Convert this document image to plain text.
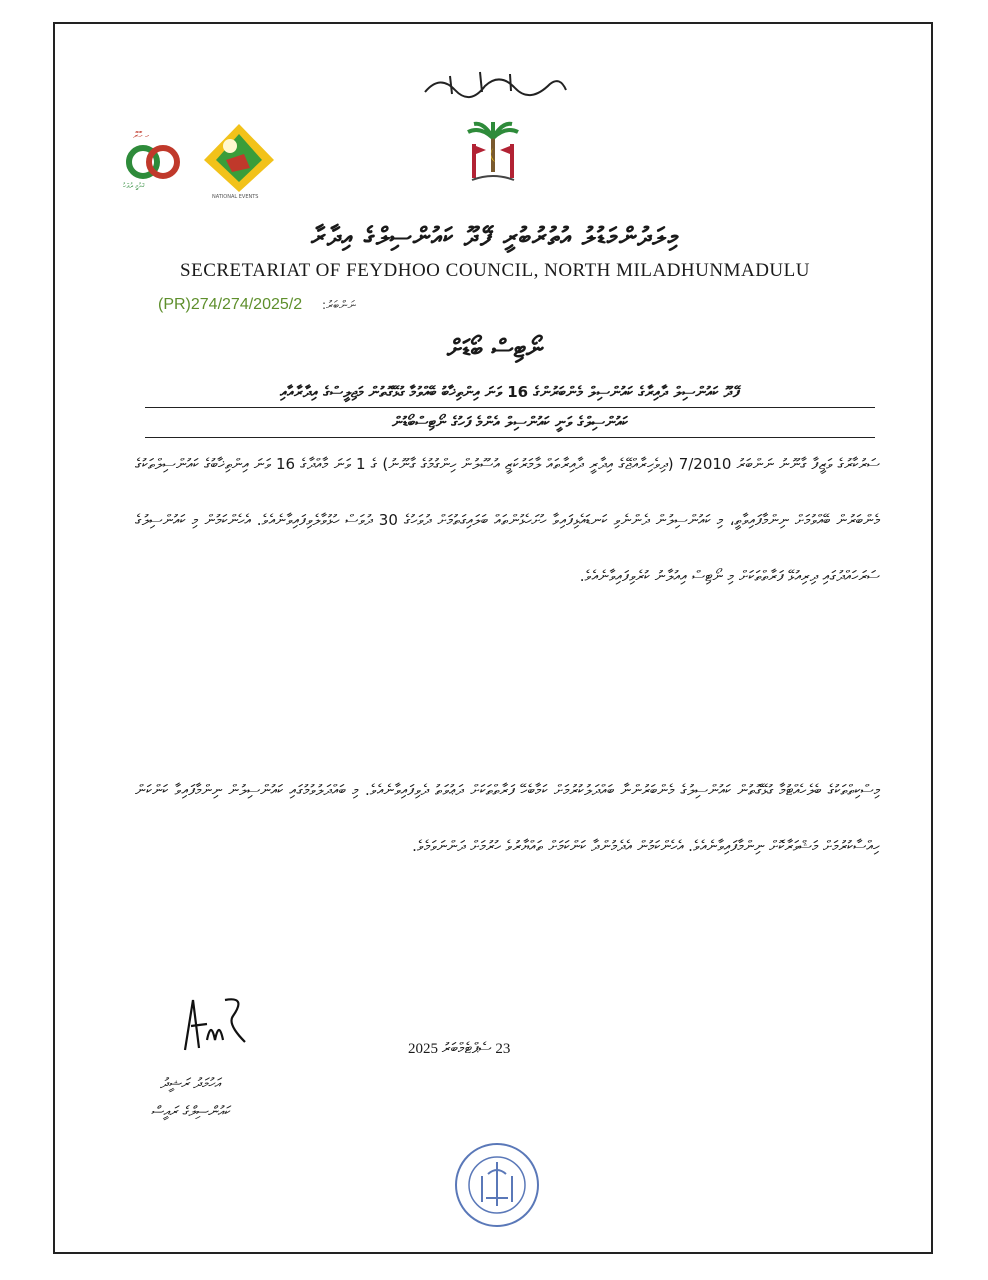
ހ ހޮރޮ
ޤައުމީ ދުވަހު
NATIONAL EVENTS
މިލަދުންމަޑުލު އުތުރުބުރީ ފޭދޫ ކައުންސިލްގެ އިދާރާ
SECRETARIAT OF FEYDHOO COUNCIL, NORTH MILADHUNMADULU
ނަންބަރު:
(PR)274/274/2025/2
ނޯޓިސް ބޯޑަށް
ފޭދޫ ކައުންސިލް ދާއިރާގެ ކައުންސިލް މެންބަރުންގެ 16 ވަނަ އިންތިޚާބު ބޭއްވުމާ ގުޅޭގޮތުން މަޖިލީސްގެ އިދާރާއާއި
ކައުންސިލްގެ ވަނީ ކައުންސިލް އެންމެ ފަހުގެ ނޯޓިސްބޯޑުން
ސަރުކާރުގެ ވަޒީފާ ގާނޫނު ނަންބަރު 7/2010 (ދިވެހިރާއްޖޭގެ އިދާރީ ދާއިރާތައް ލާމަރުކަޒީ އުސޫލުން ހިންގުމުގެ ގާނޫނު) ގެ 1 ވަނަ މާއްދާގެ 16 ވަނަ އިންތިޚާބުގެ ކައުންސިލްތަކުގެ މެންބަރުން ބޭއްވުމަށް ނިންމާފައިވާތީ، މި ކައުންސިލުން ދެންނެވި ކަނޑައެޅިފައިވާ ހުށަހެޅުންތައް ބަލައިގަތުމަށް ދުވަހުގެ 30 ދުވަސް ހުޅުވާލެވިފައިވާނެއެވެ. އެހެންކަމުން މި ކައުންސިލުގެ ސަރަހައްދުގައި ދިރިއުޅޭ ފަރާތްތަކަށް މި ނޯޓިސް އިއުލާނު ކުރެވިފައިވާނެއެވެ.
މިސްކިތްތަކުގެ ބެލެހެއްޓުމާ ގުޅޭގޮތުން ކައުންސިލުގެ މެންބަރުންނާ ބައްދަލުކުރުމަށް ކަމާބެހޭ ފަރާތްތަކަށް ދަޢުވަތު ދެވިފައިވާނެއެވެ. މި ބައްދަލުވުމުގައި ކައުންސިލުން ނިންމާފައިވާ ކަންކަން ހިއްސާކުރުމަށް މަޝްވަރާކޮށް ނިންމާފައިވާނެއެވެ. އެހެންކަމުން އެދެމުންދާ ކަންކަމަށް ތައްޔާރުވެ ހުރުމަށް ދަންނަވަމެވެ.
23 ސެޕްޓެމްބަރު 2025
އަހުމަދު ރަޝީދު
ކައުންސިލްގެ ރައީސް
